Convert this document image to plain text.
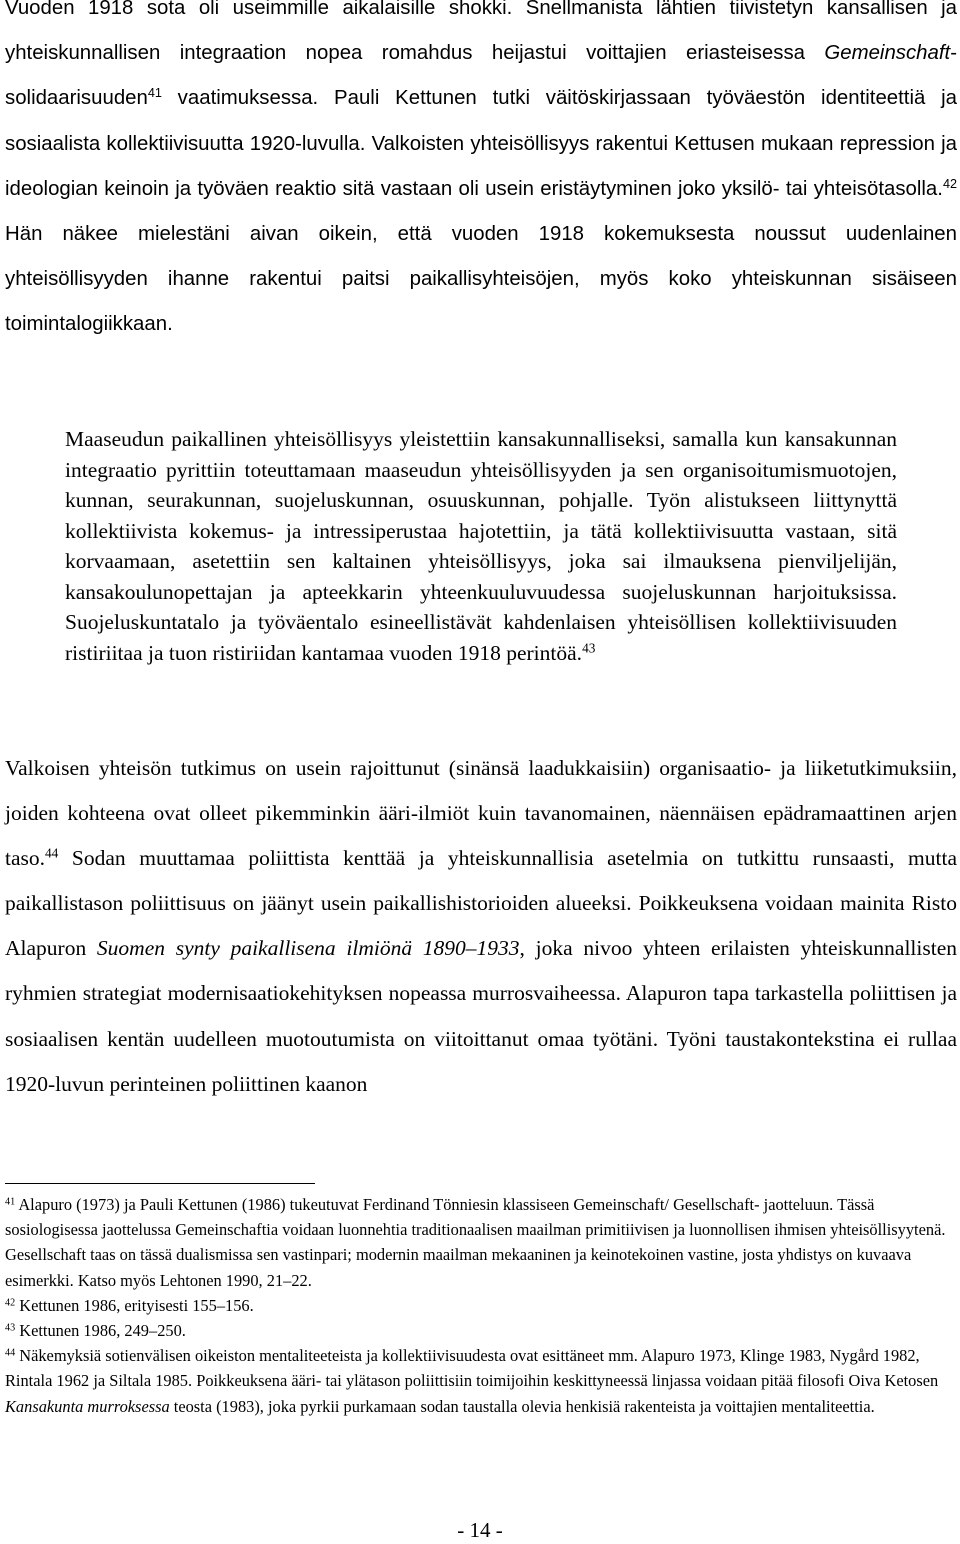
Vuoden 1918 sota oli useimmille aikalaisille shokki. Snellmanista lähtien tiivistetyn kansallisen ja yhteiskunnallisen integraation nopea romahdus heijastui voittajien eriasteisessa Gemeinschaft-solidaarisuuden$^{41}$ vaatimuksessa. Pauli Kettunen tutki väitöskirjassaan työväestön identiteettiä ja sosiaalista kollektiivisuutta 1920-luvulla. Valkoisten yhteisöllisyys rakentui Kettusen mukaan repression ja ideologian keinoin ja työväen reaktio sitä vastaan oli usein eristäytyminen joko yksilö- tai yhteisötasolla.$^{42}$ Hän näkee mielestäni aivan oikein, että vuoden 1918 kokemuksesta noussut uudenlainen yhteisöllisyyden ihanne rakentui paitsi paikallisyhteisöjen, myös koko yhteiskunnan sisäiseen toimintalogiikkaan.

Maaseudun paikallinen yhteisöllisyys yleistettiin kansakunnalliseksi, samalla kun kansakunnan integraatio pyrittiin toteuttamaan maaseudun yhteisöllisyyden ja sen organisoitumismuotojen, kunnan, seurakunnan, suojeluskunnan, osuuskunnan, pohjalle. Työn alistukseen liittynyttä kollektiivista kokemus- ja intressiperustaa hajotettiin, ja tätä kollektiivisuutta vastaan, sitä korvaamaan, asetettiin sen kaltainen yhteisöllisyys, joka sai ilmauksena pienviljelijän, kansakoulunopettajan ja apteekkarin yhteenkuuluvuudessa suojeluskunnan harjoituksissa. Suojeluskuntatalo ja työväentalo esineellistävät kahdenlaisen yhteisöllisen kollektiivisuuden ristiriitaa ja tuon ristiriidan kantamaa vuoden 1918 perintöä.$^{43}$

Valkoisen yhteisön tutkimus on usein rajoittunut (sinänsä laadukkaisiin) organisaatio- ja liiketutkimuksiin, joiden kohteena ovat olleet pikemminkin ääri-ilmiöt kuin tavanomainen, näennäisen epädramaattinen arjen taso.$^{44}$ Sodan muuttamaa poliittista kenttää ja yhteiskunnallisia asetelmia on tutkittu runsaasti, mutta paikallistason poliittisuus on jäänyt usein paikallishistorioiden alueeksi. Poikkeuksena voidaan mainita Risto Alapuron Suomen synty paikallisena ilmiönä 1890–1933, joka nivoo yhteen erilaisten yhteiskunnallisten ryhmien strategiat modernisaatiokehityksen nopeassa murrosvaiheessa. Alapuron tapa tarkastella poliittisen ja sosiaalisen kentän uudelleen muotoutumista on viitoittanut omaa työtäni. Työni taustakontekstina ei rullaa 1920-luvun perinteinen poliittinen kaanon

$^{41}$ Alapuro (1973) ja Pauli Kettunen (1986) tukeutuvat Ferdinand Tönniesin klassiseen Gemeinschaft/ Gesellschaft- jaotteluun. Tässä sosiologisessa jaottelussa Gemeinschaftia voidaan luonnehtia traditionaalisen maailman primitiivisen ja luonnollisen ihmisen yhteisöllisyytenä. Gesellschaft taas on tässä dualismissa sen vastinpari; modernin maailman mekaaninen ja keinotekoinen vastine, josta yhdistys on kuvaava esimerkki. Katso myös Lehtonen 1990, 21–22.
$^{42}$ Kettunen 1986, erityisesti 155–156.
$^{43}$ Kettunen 1986, 249–250.
$^{44}$ Näkemyksiä sotienvälisen oikeiston mentaliteeteista ja kollektiivisuudesta ovat esittäneet mm. Alapuro 1973, Klinge 1983, Nygård 1982, Rintala 1962 ja Siltala 1985. Poikkeuksena ääri- tai ylätason poliittisiin toimijoihin keskittyneessä linjassa voidaan pitää filosofi Oiva Ketosen Kansakunta murroksessa teosta (1983), joka pyrkii purkamaan sodan taustalla olevia henkisiä rakenteista ja voittajien mentaliteettia.
- 14 -
